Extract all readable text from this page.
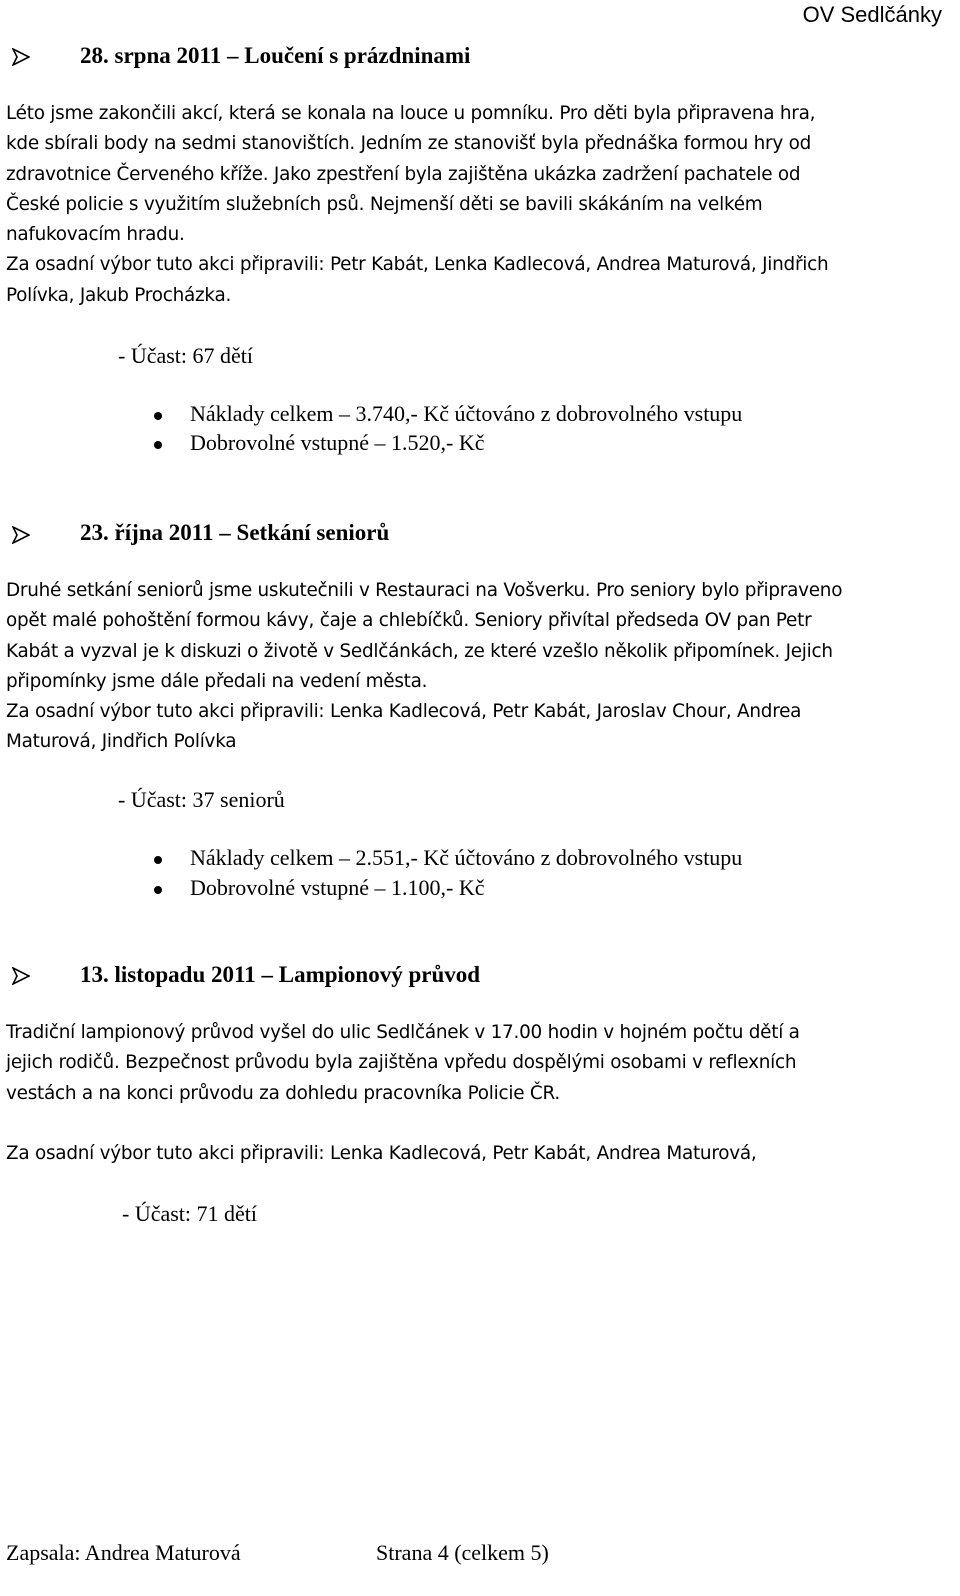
OV Sedlčánky
28. srpna 2011 – Loučení s prázdninami
Léto jsme zakončili akcí, která se konala na louce u pomníku. Pro děti byla připravena hra,
kde sbírali body na sedmi stanovištích. Jedním ze stanovišť byla přednáška formou hry od
zdravotnice Červeného kříže. Jako zpestření byla zajištěna ukázka zadržení pachatele od
České policie s využitím služebních psů. Nejmenší děti se bavili skákáním na velkém
nafukovacím hradu.
Za osadní výbor tuto akci připravili: Petr Kabát, Lenka Kadlecová, Andrea Maturová, Jindřich
Polívka, Jakub Procházka.
- Účast: 67 dětí
Náklady celkem – 3.740,- Kč účtováno z dobrovolného vstupu
Dobrovolné vstupné – 1.520,- Kč
23. října 2011 – Setkání seniorů
Druhé setkání seniorů jsme uskutečnili v Restauraci na Vošverku. Pro seniory bylo připraveno
opět malé pohoštění formou kávy, čaje a chlebíčků. Seniory přivítal předseda OV pan Petr
Kabát a vyzval je k diskuzi o životě v Sedlčánkách, ze které vzešlo několik připomínek. Jejich
připomínky jsme dále předali na vedení města.
Za osadní výbor tuto akci připravili: Lenka Kadlecová, Petr Kabát, Jaroslav Chour, Andrea
Maturová, Jindřich Polívka
- Účast: 37 seniorů
Náklady celkem – 2.551,- Kč účtováno z dobrovolného vstupu
Dobrovolné vstupné – 1.100,- Kč
13. listopadu 2011 – Lampionový průvod
Tradiční lampionový průvod vyšel do ulic Sedlčánek v 17.00 hodin v hojném počtu dětí a
jejich rodičů. Bezpečnost průvodu byla zajištěna vpředu dospělými osobami v reflexních
vestách a na konci průvodu za dohledu pracovníka Policie ČR.
Za osadní výbor tuto akci připravili: Lenka Kadlecová, Petr Kabát, Andrea Maturová,
- Účast: 71 dětí
Zapsala: Andrea Maturová	Strana 4 (celkem 5)
